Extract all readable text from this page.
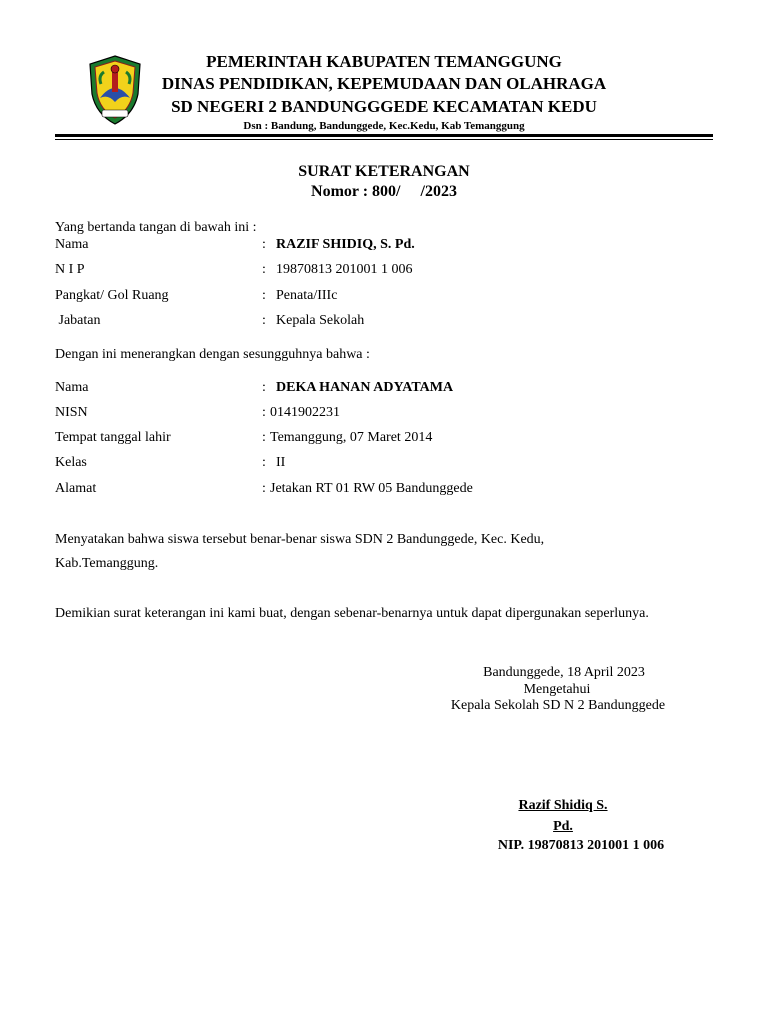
PEMERINTAH KABUPATEN TEMANGGUNG
DINAS PENDIDIKAN, KEPEMUDAAN DAN OLAHRAGA
SD NEGERI 2 BANDUNGGGEDE KECAMATAN KEDU
Dsn : Bandung, Bandunggede, Kec.Kedu, Kab Temanggung
SURAT KETERANGAN
Nomor : 800/     /2023
Yang bertanda tangan di bawah ini :
Nama	: RAZIF SHIDIQ, S. Pd.
N I P	: 19870813 201001 1 006
Pangkat/ Gol Ruang	: Penata/IIIc
Jabatan	: Kepala Sekolah
Dengan ini menerangkan dengan sesungguhnya bahwa :
Nama	: DEKA HANAN ADYATAMA
NISN	: 0141902231
Tempat tanggal lahir	: Temanggung, 07 Maret 2014
Kelas	: II
Alamat	: Jetakan RT 01 RW 05 Bandunggede
Menyatakan bahwa siswa tersebut benar-benar siswa SDN 2 Bandunggede, Kec. Kedu,
Kab.Temanggung.
Demikian surat keterangan ini kami buat, dengan sebenar-benarnya untuk dapat dipergunakan seperlunya.
Bandunggede, 18 April 2023
Mengetahui
Kepala Sekolah SD N 2 Bandunggede
Razif Shidiq S.
Pd.
NIP. 19870813 201001 1 006
